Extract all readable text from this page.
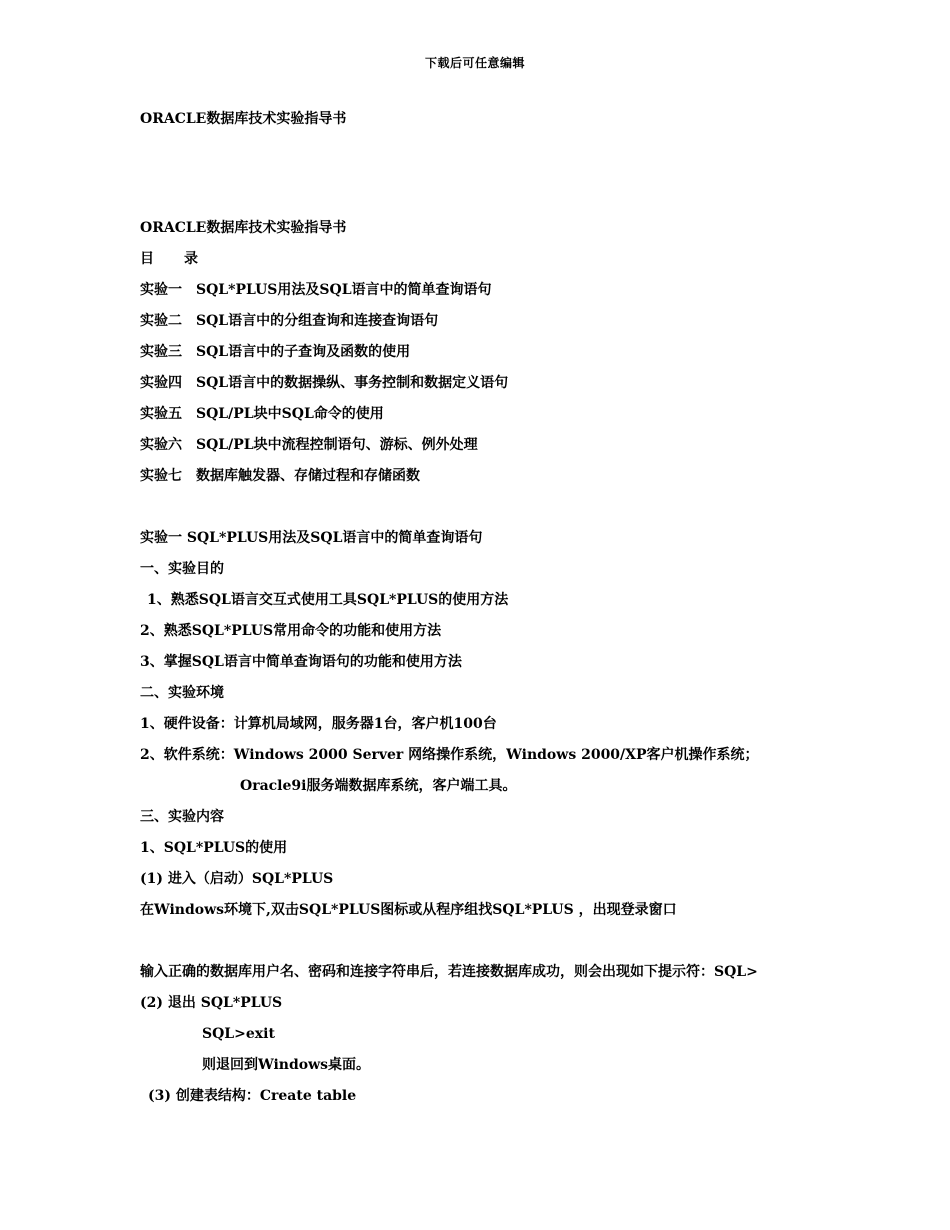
下载后可任意编辑
ORACLE数据库技术实验指导书
ORACLE数据库技术实验指导书
目 录
实验一 SQL*PLUS用法及SQL语言中的简单查询语句
实验二 SQL语言中的分组查询和连接查询语句
实验三 SQL语言中的子查询及函数的使用
实验四 SQL语言中的数据操纵、事务控制和数据定义语句
实验五 SQL/PL块中SQL命令的使用
实验六 SQL/PL块中流程控制语句、游标、例外处理
实验七 数据库触发器、存储过程和存储函数
实验一 SQL*PLUS用法及SQL语言中的简单查询语句
一、实验目的
1、熟悉SQL语言交互式使用工具SQL*PLUS的使用方法
2、熟悉SQL*PLUS常用命令的功能和使用方法
3、掌握SQL语言中简单查询语句的功能和使用方法
二、实验环境
1、硬件设备：计算机局域网，服务器1台，客户机100台
2、软件系统：Windows 2000 Server 网络操作系统，Windows 2000/XP客户机操作系统；
Oracle9i服务端数据库系统，客户端工具。
三、实验内容
1、SQL*PLUS的使用
(1) 进入（启动）SQL*PLUS
在Windows环境下,双击SQL*PLUS图标或从程序组找SQL*PLUS ，出现登录窗口
输入正确的数据库用户名、密码和连接字符串后，若连接数据库成功，则会出现如下提示符：SQL>
(2) 退出 SQL*PLUS
SQL>exit
则退回到Windows桌面。
(3) 创建表结构：Create table
